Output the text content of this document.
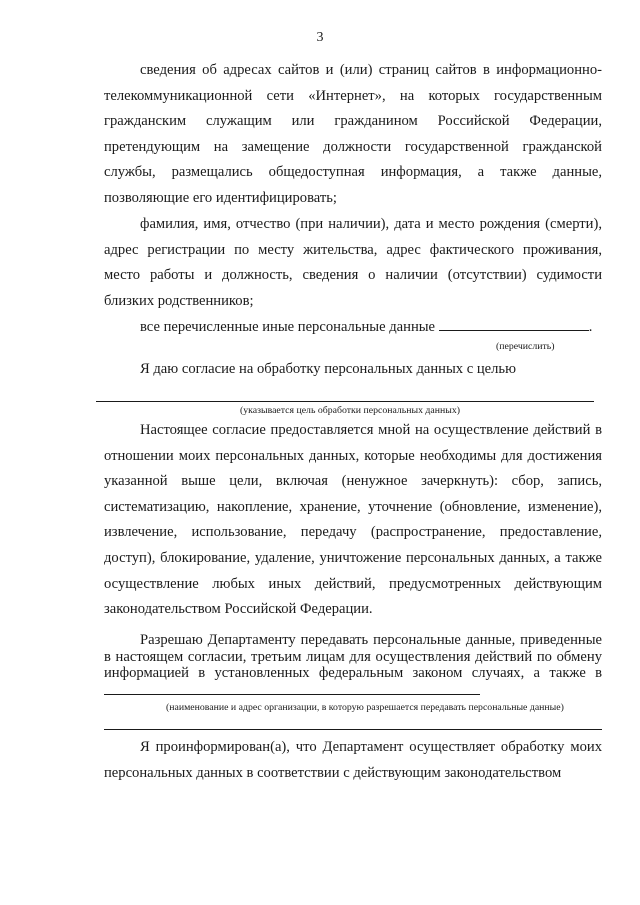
3
сведения об адресах сайтов и (или) страниц сайтов в информационно-телекоммуникационной сети «Интернет», на которых государственным гражданским служащим или гражданином Российской Федерации, претендующим на замещение должности государственной гражданской службы, размещались общедоступная информация, а также данные, позволяющие его идентифицировать;
фамилия, имя, отчество (при наличии), дата и место рождения (смерти), адрес регистрации по месту жительства, адрес фактического проживания, место работы и должность, сведения о наличии (отсутствии) судимости близких родственников;
все перечисленные иные персональные данные	.
(перечислить)
Я даю согласие на обработку персональных данных с целью
(указывается цель обработки персональных данных)
Настоящее согласие предоставляется мной на осуществление действий в отношении моих персональных данных, которые необходимы для достижения указанной выше цели, включая (ненужное зачеркнуть): сбор, запись, систематизацию, накопление, хранение, уточнение (обновление, изменение), извлечение, использование, передачу (распространение, предоставление, доступ), блокирование, удаление, уничтожение персональных данных, а также осуществление любых иных действий, предусмотренных действующим законодательством Российской Федерации.
Разрешаю Департаменту передавать персональные данные, приведенные в настоящем согласии, третьим лицам для осуществления действий по обмену информацией в установленных федеральным законом случаях, а также в
(наименование и адрес организации, в которую разрешается передавать персональные данные)
Я проинформирован(а), что Департамент осуществляет обработку моих персональных данных в соответствии с действующим законодательством
